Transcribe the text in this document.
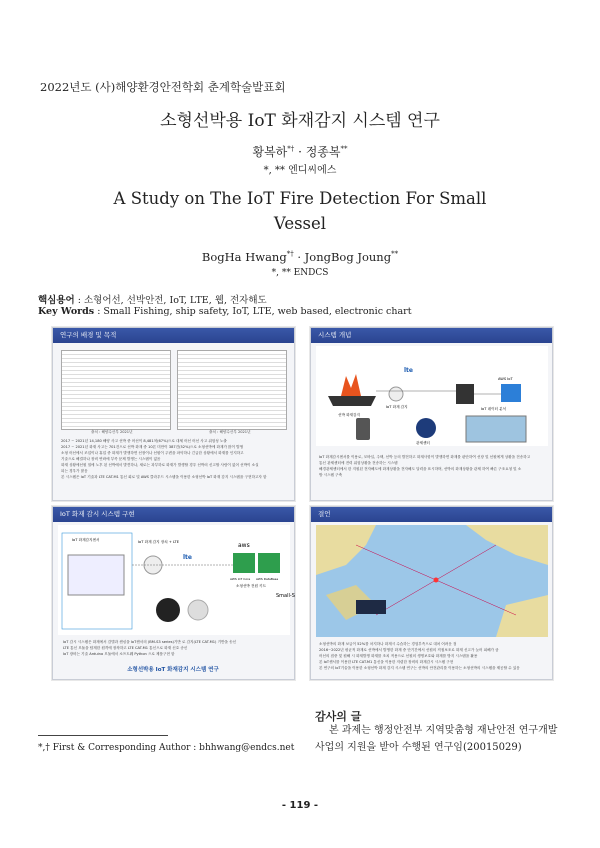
2022년도 (사)해양환경안전학회 춘계학술발표회
소형선박용 IoT 화재감지 시스템 연구
황복하*† · 정종복**
*, ** 엔디씨에스
A Study on The IoT Fire Detection For Small
Vessel
BogHa Hwang*† · JongBog Joung**
*, ** ENDCS
핵심용어 : 소형어선, 선박안전, IoT, LTE, 웹, 전자해도
Key Words : Small Fishing, ship safety, IoT, LTE, web based, electronic chart
연구의 배경 및 목적
출처 : 해양수산부 2021년	출처 : 해양수산부 2021년
2017 ~ 2021년 14,180 해양 사고 선박 중 어선이 8,481척(67%)으로 대체 어선 어선 사고 위험성 노출
2017 ~ 2021년 화재 사고는 701건으로 선박 화재 중 10톤 미만이 387건(52%)으로 소형선박에 화재가 많이 발생
소형 어선에서 조업이나 휴업 중 화재가 발생하면 선장이나 선원이 주변을 파악하나 긴급한 상황에서 화재를 인지하고
기술으로 해결하나 장비 연락에 부족 문제 발생는 시스템이 없음
화재 상황에선원 열에 노후 된 선박에서 발견하나, 새로는 과부하로 화재가 발생할 경우 선박의 신고할 사람이 없어 선박이 소실
되는 경우가 많음
본 시스템은 IoT 기술과 LTE CAT.M1 통신 회로 및 AWS 클라우드 시스템을 이용한 소형선박 IoT 화재 감지 시스템을 구현하고자 함
시스템 개념
lte
선박 화재감지
IoT 데이터 분석
AWS IoT
관제센터
IoT 화재 감지
IoT 화재감시센서를 이용로, 모바일, 주택, 선박 등의 발전하고 화재사항이 발생하면 화재를 판단하여 선장 및 선원에게 상황을 전송하고
통신 관제센터에 전력 위험상황을 전송하는 시스템
해경관제센터에서 한 지원된 전자해도에 화재상황을 전자해도 달력을 표시하며, 선박의 화재상황을 관제 하여 빠른 구조요청 및 소
방 시스템 구축
IoT 화재 감시 시스템 구현
lte
IoT 화재감지센서	IoT 화재 감지 장치 + LTE	aws
AWS IoT Core AWS DataBase
소형선박 전원 키트
Small-S
IoT 감시 시스템은 화재에서 감별과 센싱을 IoT센서의 (BM-S3 series)기반 로 감지(LTE CAT.M1) 기반을 송신
LTE 통신 모듈을 탑재한 원격에 장착하고 LTE CAT.M1 통신으로 화재 신호 송신
IoT 장비는 기술 Arduino 모듈에서 소프트웨 Python 으로 제품구현 함
소형선박용 IoT 화재감지 시스템 연구
결언
소형선박의 화재 보급이 52%를 차지하나 화재시 수습하는 경험부족으로 대처 어려운 점
2016~2022년 평균적 화재로 선박에서 발생한 화재 중 단기간에서 선원의 직접보조로 화재 신고가 늦어 피해가 큼
어선의 집중 및 원해 시 화재발생 화재를 조치 적용으로 선원의 생명보호와 화재를 방지 시스템을 활용
본 IoT센서를 이용한 LTE CAT.M1 통신을 이용한 저렴한 장비의 화재감시 시스템 구현
본 연구의 IoT기술을 이용한 소형선박 화재 감지 시스템 연구는 선박의 안전관리를 이용하는 소형선박의 시스템을 제공할 수 있음
감사의 글
본 과제는 행정안전부 지역맞춤형 재난안전 연구개발 사업의 지원을 받아 수행된 연구임(20015029)
*,† First & Corresponding Author : bhhwang@endcs.net
- 119 -
